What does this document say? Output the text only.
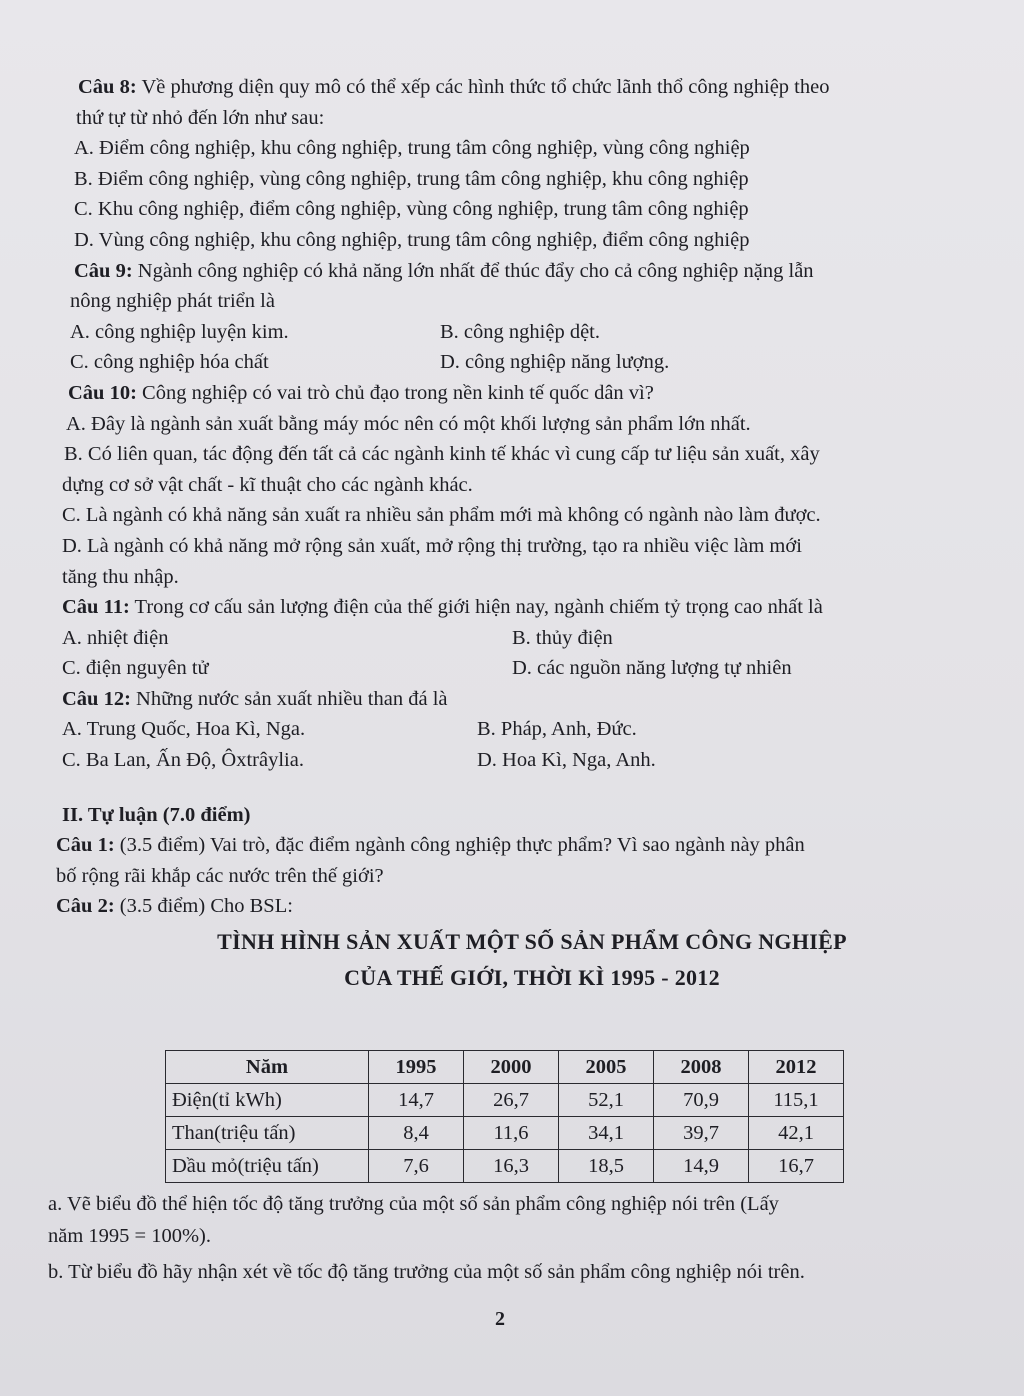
Câu 8: Về phương diện quy mô có thể xếp các hình thức tổ chức lãnh thổ công nghiệp theo

thứ tự từ nhỏ đến lớn như sau:

A. Điểm công nghiệp, khu công nghiệp, trung tâm công nghiệp, vùng công nghiệp

B. Điểm công nghiệp, vùng công nghiệp, trung tâm công nghiệp, khu công nghiệp

C. Khu công nghiệp, điểm công nghiệp, vùng công nghiệp, trung tâm công nghiệp

D. Vùng công nghiệp, khu công nghiệp, trung tâm công nghiệp, điểm công nghiệp

Câu 9: Ngành công nghiệp có khả năng lớn nhất để thúc đẩy cho cả công nghiệp nặng lẫn

nông nghiệp phát triển là

A. công nghiệp luyện kim.	B. công nghiệp dệt.
C. công nghiệp hóa chất	D. công nghiệp năng lượng.

Câu 10: Công nghiệp có vai trò chủ đạo trong nền kinh tế quốc dân vì?

A. Đây là ngành sản xuất bằng máy móc nên có một khối lượng sản phẩm lớn nhất.

B. Có liên quan, tác động đến tất cả các ngành kinh tế khác vì cung cấp tư liệu sản xuất, xây

dựng cơ sở vật chất - kĩ thuật cho các ngành khác.

C. Là ngành có khả năng sản xuất ra nhiều sản phẩm mới mà không có ngành nào làm được.

D. Là ngành có khả năng mở rộng sản xuất, mở rộng thị trường, tạo ra nhiều việc làm mới

tăng thu nhập.

Câu 11: Trong cơ cấu sản lượng điện của thế giới hiện nay, ngành chiếm tỷ trọng cao nhất là

A. nhiệt điện	B. thủy điện
C. điện nguyên tử	D. các nguồn năng lượng tự nhiên

Câu 12: Những nước sản xuất nhiều than đá là

A. Trung Quốc, Hoa Kì, Nga.	B. Pháp, Anh, Đức.
C. Ba Lan, Ấn Độ, Ôxtrâylia.	D. Hoa Kì, Nga, Anh.

II. Tự luận (7.0 điểm)

Câu 1: (3.5 điểm) Vai trò, đặc điểm ngành công nghiệp thực phẩm? Vì sao ngành này phân

bố rộng rãi khắp các nước trên thế giới?

Câu 2: (3.5 điểm) Cho BSL:

TÌNH HÌNH SẢN XUẤT MỘT SỐ SẢN PHẨM CÔNG NGHIỆP

CỦA THẾ GIỚI, THỜI KÌ 1995 - 2012

Năm	1995	2000	2005	2008	2012
Điện(tỉ kWh)	14,7	26,7	52,1	70,9	115,1
Than(triệu tấn)	8,4	11,6	34,1	39,7	42,1
Dầu mỏ(triệu tấn)	7,6	16,3	18,5	14,9	16,7

a. Vẽ biểu đồ thể hiện tốc độ tăng trưởng của một số sản phẩm công nghiệp nói trên (Lấy

năm 1995 = 100%).

b. Từ biểu đồ hãy nhận xét về tốc độ tăng trưởng của một số sản phẩm công nghiệp nói trên.

2
